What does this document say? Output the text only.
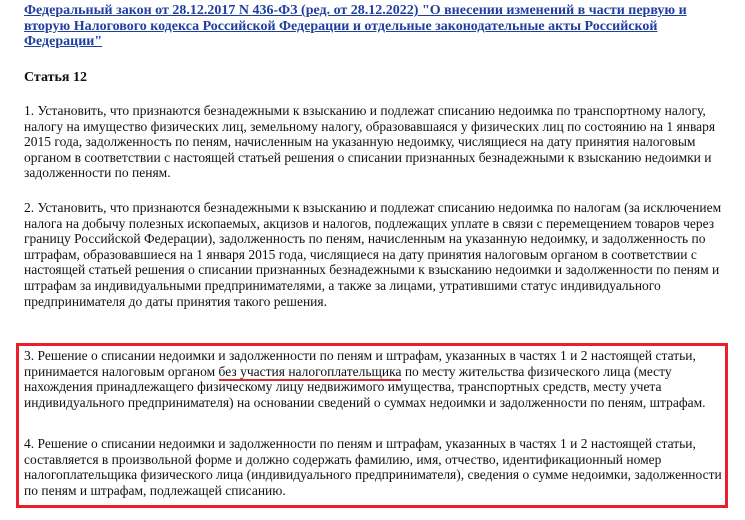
Федеральный закон от 28.12.2017 N 436-ФЗ (ред. от 28.12.2022) "О внесении изменений в части первую и вторую Налогового кодекса Российской Федерации и отдельные законодательные акты Российской Федерации"
Статья 12

1. Установить, что признаются безнадежными к взысканию и подлежат списанию недоимка по транспортному налогу, налогу на имущество физических лиц, земельному налогу, образовавшаяся у физических лиц по состоянию на 1 января 2015 года, задолженность по пеням, начисленным на указанную недоимку, числящиеся на дату принятия налоговым органом в соответствии с настоящей статьей решения о списании признанных безнадежными к взысканию недоимки и задолженности по пеням.

2. Установить, что признаются безнадежными к взысканию и подлежат списанию недоимка по налогам (за исключением налога на добычу полезных ископаемых, акцизов и налогов, подлежащих уплате в связи с перемещением товаров через границу Российской Федерации), задолженность по пеням, начисленным на указанную недоимку, и задолженность по штрафам, образовавшиеся на 1 января 2015 года, числящиеся на дату принятия налоговым органом в соответствии с настоящей статьей решения о списании признанных безнадежными к взысканию недоимки и задолженности по пеням и штрафам за индивидуальными предпринимателями, а также за лицами, утратившими статус индивидуального предпринимателя до даты принятия такого решения.

3. Решение о списании недоимки и задолженности по пеням и штрафам, указанных в частях 1 и 2 настоящей статьи, принимается налоговым органом без участия налогоплательщика по месту жительства физического лица (месту нахождения принадлежащего физическому лицу недвижимого имущества, транспортных средств, месту учета индивидуального предпринимателя) на основании сведений о суммах недоимки и задолженности по пеням, штрафам.

4. Решение о списании недоимки и задолженности по пеням и штрафам, указанных в частях 1 и 2 настоящей статьи, составляется в произвольной форме и должно содержать фамилию, имя, отчество, идентификационный номер налогоплательщика физического лица (индивидуального предпринимателя), сведения о сумме недоимки, задолженности по пеням и штрафам, подлежащей списанию.
